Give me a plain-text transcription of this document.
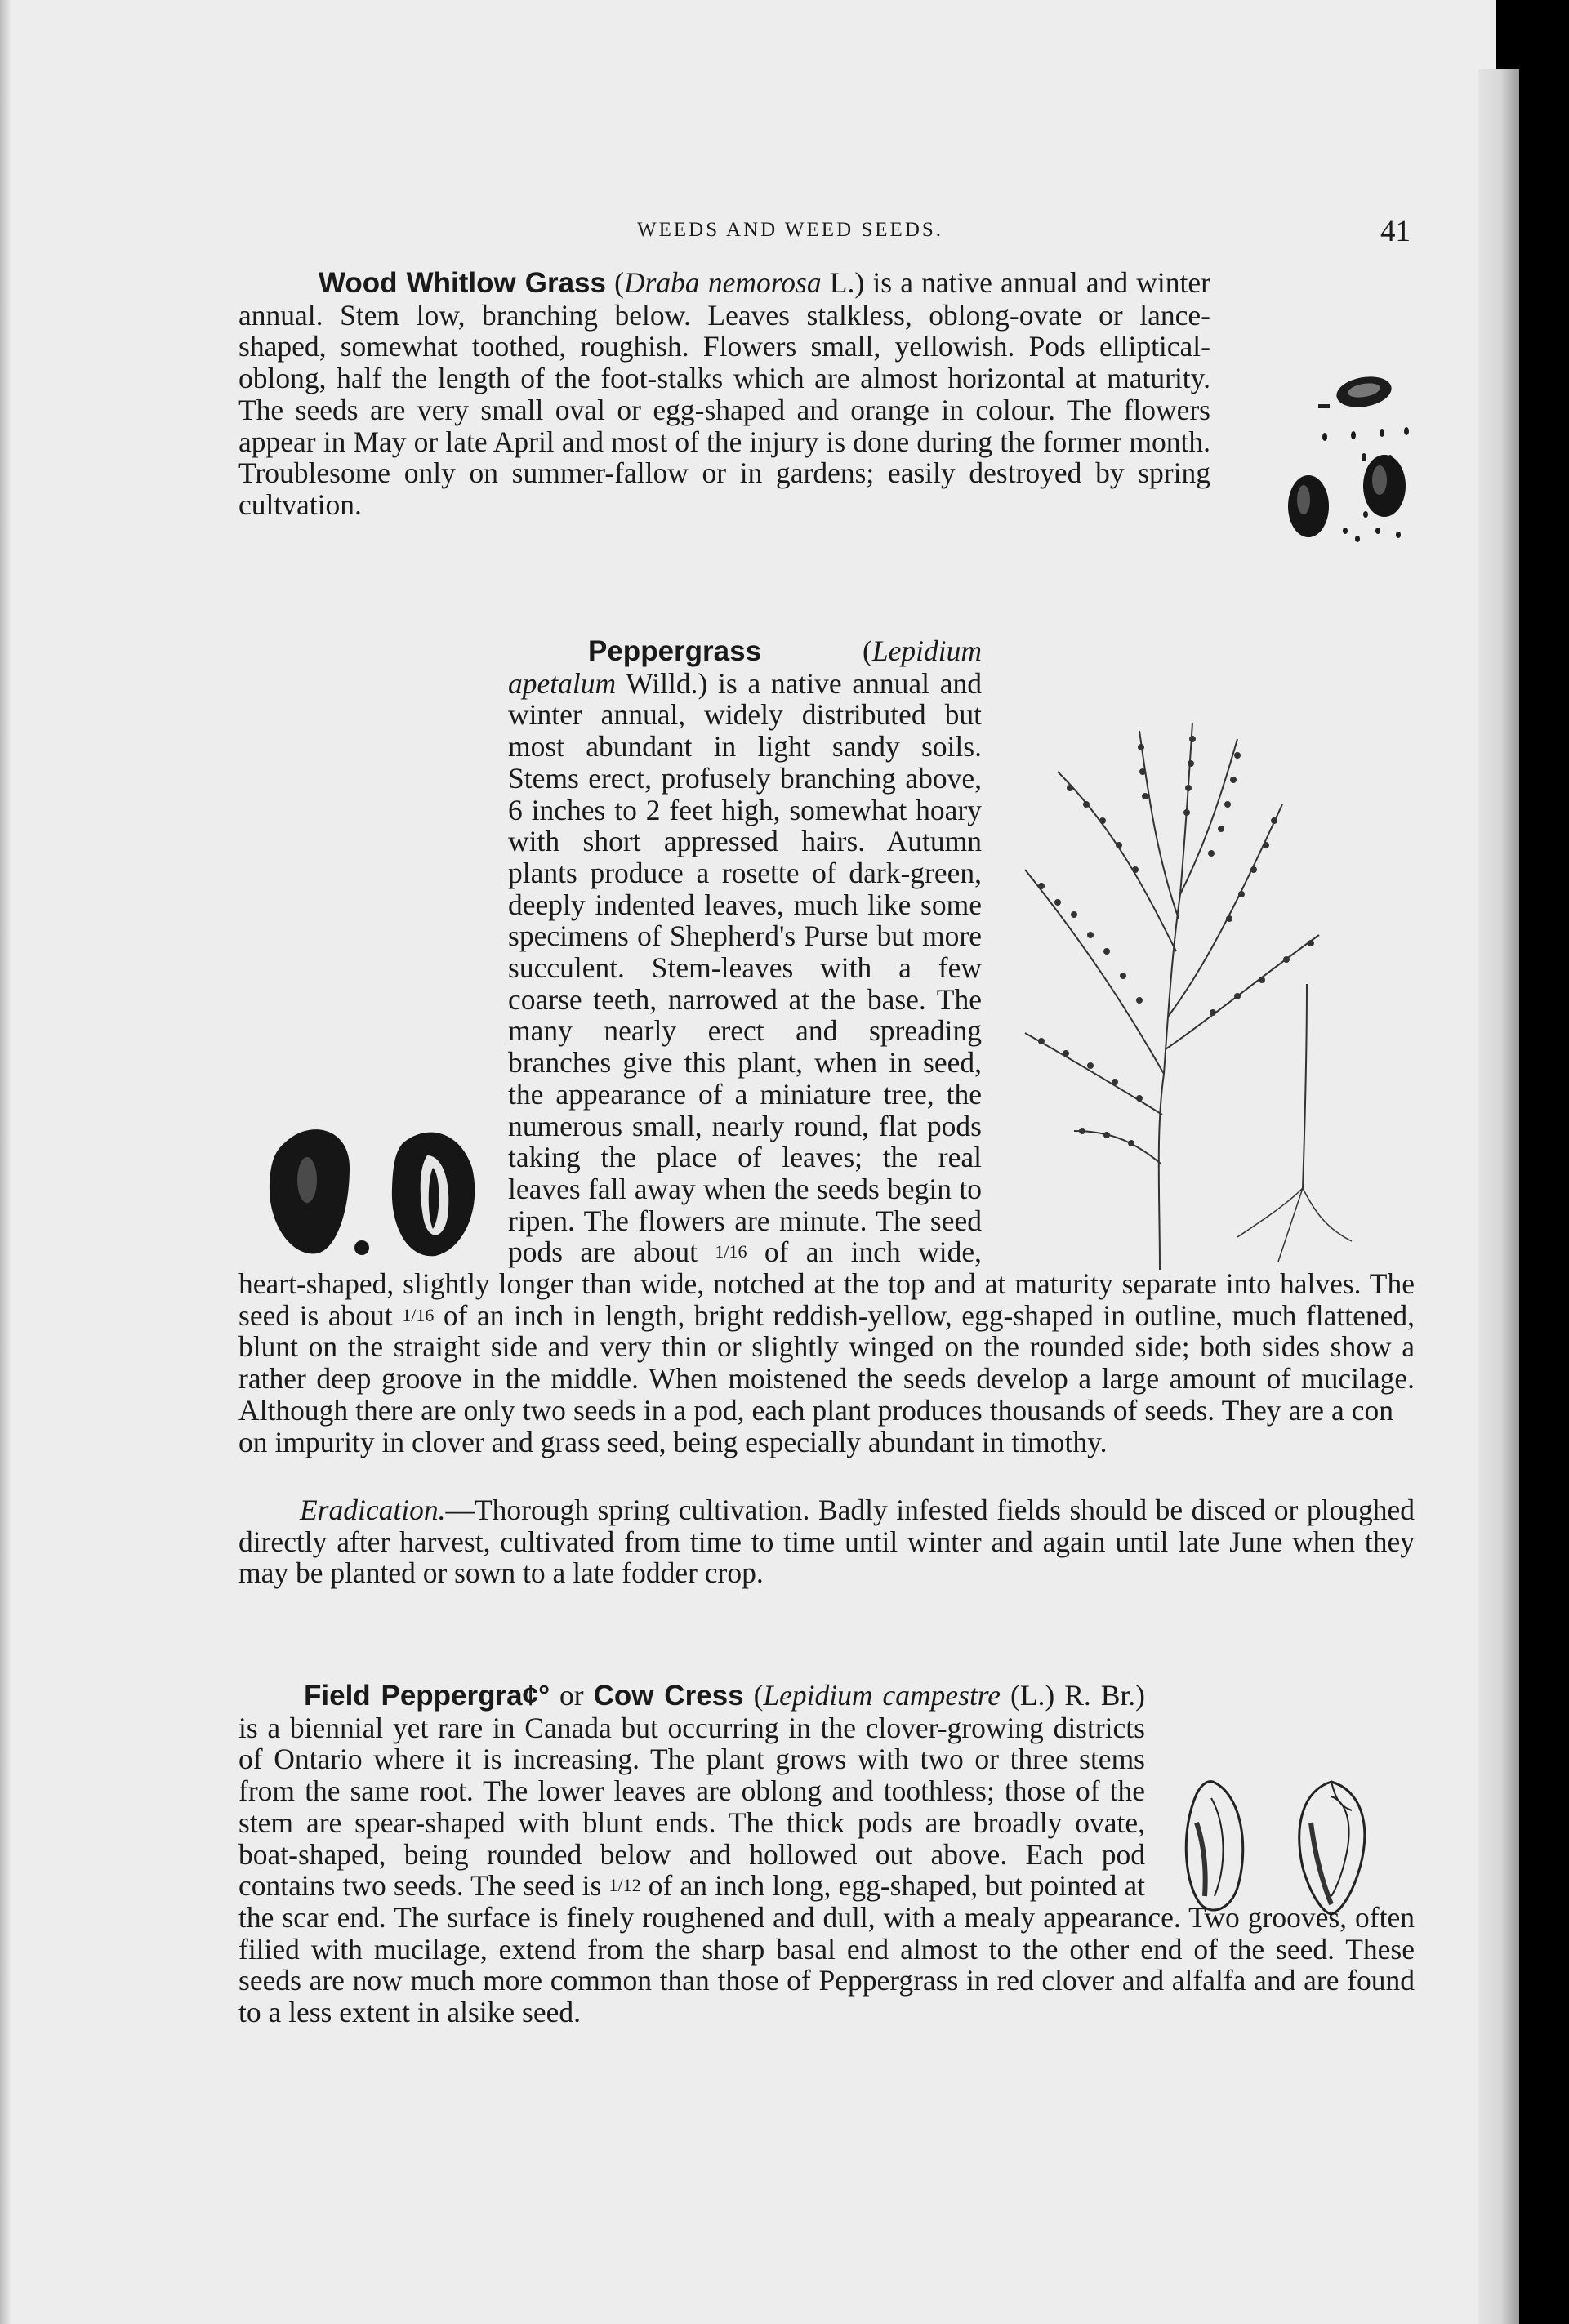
WEEDS AND WEED SEEDS.	41

Wood Whitlow Grass (Draba nemorosa L.) is a native annual and winter annual. Stem low, branching below. Leaves stalkless, oblong-ovate or lance-shaped, somewhat toothed, roughish. Flowers small, yellowish. Pods elliptical-oblong, half the length of the foot-stalks which are almost horizontal at maturity. The seeds are very small oval or egg-shaped and orange in colour. The flowers appear in May or late April and most of the injury is done during the former month. Troublesome only on summer-fallow or in gardens; easily destroyed by spring cultvation.

Peppergrass (Lepidium apetalum Willd.) is a native annual and winter annual, widely distributed but most abundant in light sandy soils. Stems erect, profusely branching above, 6 inches to 2 feet high, somewhat hoary with short appressed hairs. Autumn plants produce a rosette of dark-green, deeply indented leaves, much like some specimens of Shepherd's Purse but more succulent. Stem-leaves with a few coarse teeth, narrowed at the base. The many nearly erect and spreading branches give this plant, when in seed, the appearance of a miniature tree, the numerous small, nearly round, flat pods taking the place of leaves; the real leaves fall away when the seeds begin to ripen. The flowers are minute. The seed pods are about 1/16 of an inch wide, heart-shaped, slightly longer than wide, notched at the top and at maturity separate into halves. The seed is about 1/16 of an inch in length, bright reddish-yellow, egg-shaped in outline, much flattened, blunt on the straight side and very thin or slightly winged on the rounded side; both sides show a rather deep groove in the middle. When moistened the seeds develop a large amount of mucilage. Although there are only two seeds in a pod, each plant produces thousands of seeds. They are a conon impurity in clover and grass seed, being especially abundant in timothy.

Eradication.—Thorough spring cultivation. Badly infested fields should be disced or ploughed directly after harvest, cultivated from time to time until winter and again until late June when they may be planted or sown to a late fodder crop.

Field Peppergra¢° or Cow Cress (Lepidium campestre (L.) R. Br.) is a biennial yet rare in Canada but occurring in the clover-growing districts of Ontario where it is increasing. The plant grows with two or three stems from the same root. The lower leaves are oblong and toothless; those of the stem are spear-shaped with blunt ends. The thick pods are broadly ovate, boat-shaped, being rounded below and hollowed out above. Each pod contains two seeds. The seed is 1/12 of an inch long, egg-shaped, but pointed at the scar end. The surface is finely roughened and dull, with a mealy appearance. Two grooves, often filied with mucilage, extend from the sharp basal end almost to the other end of the seed. These seeds are now much more common than those of Peppergrass in red clover and alfalfa and are found to a less extent in alsike seed.
